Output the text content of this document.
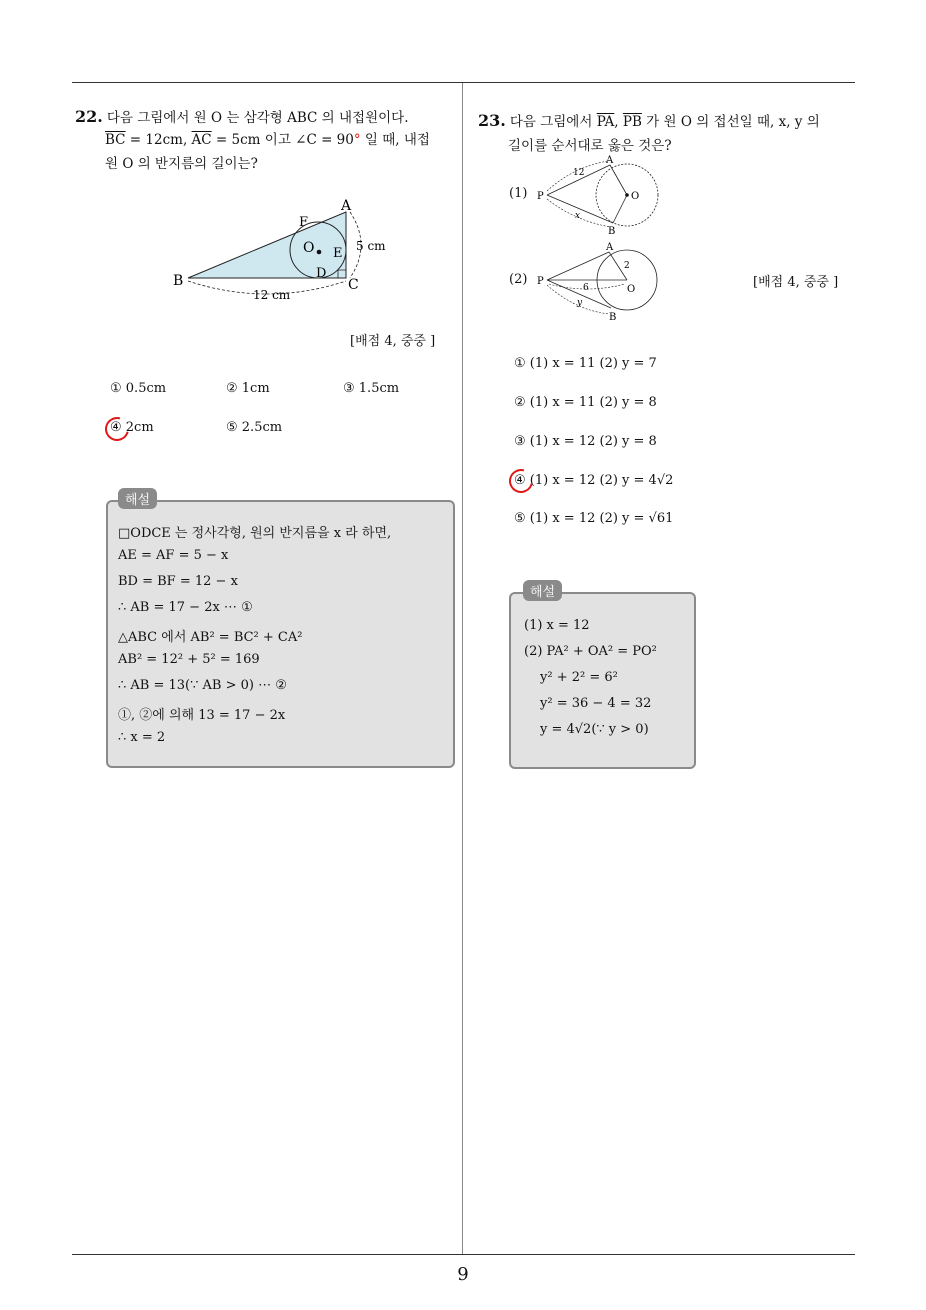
9
22. 다음 그림에서 원 O 는 삼각형 ABC 의 내접원이다.
$\overline{BC} = 12cm$, $\overline{AC} = 5cm$ 이고 ∠C = 90° 일 때, 내접
원 O 의 반지름의 길이는?
B
A
C
D
E
F
O	5 cm
12 cm
[배점 4, 중중 ]
① 0.5cm	② 1cm	③ 1.5cm
④ 2cm	⑤ 2.5cm
해설
□ODCE 는 정사각형, 원의 반지름을 x 라 하면,
AE = AF = 5 − x
BD = BF = 12 − x
∴ AB = 17 − 2x ⋯ ①
△ABC 에서 AB² = BC² + CA²
AB² = 12² + 5² = 169
∴ AB = 13(∵ AB > 0) ⋯ ②
①, ②에 의해 13 = 17 − 2x
∴ x = 2
23. 다음 그림에서 $\overline{PA}$, $\overline{PB}$ 가 원 O 의 접선일 때, x, y 의
길이를 순서대로 옳은 것은?
(1) P
A
B
O
12
x
(2) P
A
B
O
2
6
y
[배점 4, 중중 ]
① (1) x = 11 (2) y = 7
② (1) x = 11 (2) y = 8
③ (1) x = 12 (2) y = 8
④ (1) x = 12 (2) y = 4√2
⑤ (1) x = 12 (2) y = √61
해설
(1) x = 12
(2) PA² + OA² = PO²
y² + 2² = 6²
y² = 36 − 4 = 32
y = 4√2(∵ y > 0)
